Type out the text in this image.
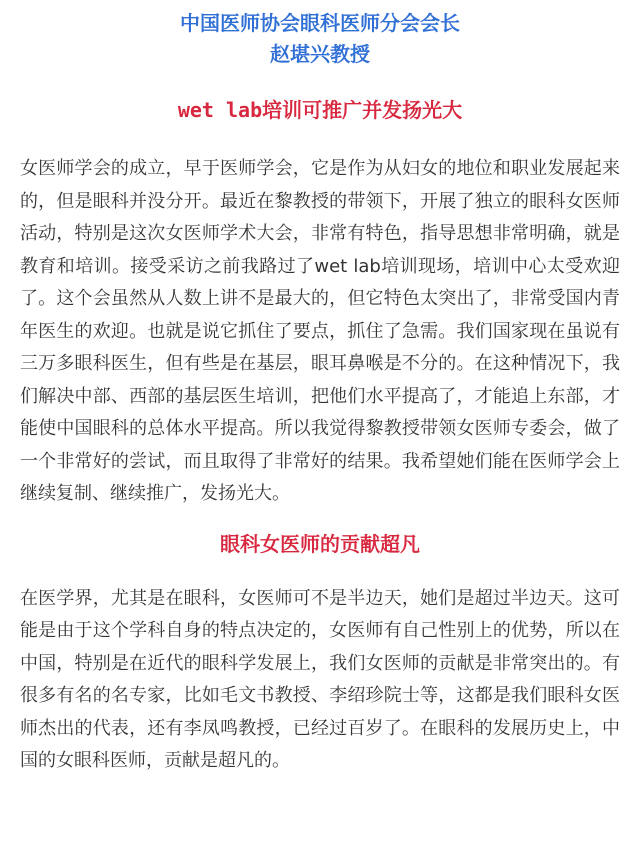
中国医师协会眼科医师分会会长

赵堪兴教授

wet lab培训可推广并发扬光大

女医师学会的成立，早于医师学会，它是作为从妇女的地位和职业发展起来的，但是眼科并没分开。最近在黎教授的带领下，开展了独立的眼科女医师活动，特别是这次女医师学术大会，非常有特色，指导思想非常明确，就是教育和培训。接受采访之前我路过了wet lab培训现场，培训中心太受欢迎了。这个会虽然从人数上讲不是最大的，但它特色太突出了，非常受国内青年医生的欢迎。也就是说它抓住了要点，抓住了急需。我们国家现在虽说有三万多眼科医生，但有些是在基层，眼耳鼻喉是不分的。在这种情况下，我们解决中部、西部的基层医生培训，把他们水平提高了，才能追上东部，才能使中国眼科的总体水平提高。所以我觉得黎教授带领女医师专委会，做了一个非常好的尝试，而且取得了非常好的结果。我希望她们能在医师学会上继续复制、继续推广，发扬光大。

眼科女医师的贡献超凡

在医学界，尤其是在眼科，女医师可不是半边天，她们是超过半边天。这可能是由于这个学科自身的特点决定的，女医师有自己性别上的优势，所以在中国，特别是在近代的眼科学发展上，我们女医师的贡献是非常突出的。有很多有名的名专家，比如毛文书教授、李绍珍院士等，这都是我们眼科女医师杰出的代表，还有李凤鸣教授，已经过百岁了。在眼科的发展历史上，中国的女眼科医师，贡献是超凡的。
